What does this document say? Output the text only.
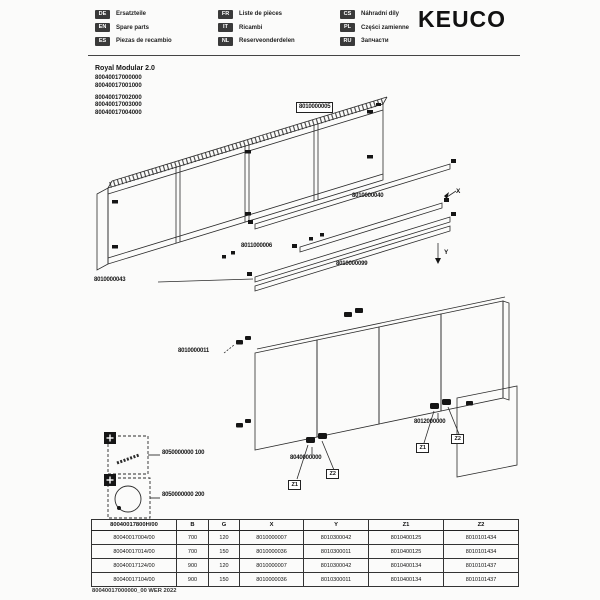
DE	Ersatzteile
EN	Spare parts
ES	Piezas de recambio
FR	Liste de pièces
IT	Ricambi
NL	Reserveonderdelen
CS	Náhradní díly
PL	Części zamienne
RU	Запчасти
KEUCO
Royal Modular 2.0
80040017000000
80040017001000
80040017002000
80040017003000
80040017004000
8010000005
8010000040
X
8011000006
8010000099
Y
8010000043
8010000011
8040000000
Z1
Z2
8012000000
Z1
Z2
8050000000 100
8050000000 200
80040017800H/00	B	G	X	Y	Z1	Z2
80040017004/00	700	120	8010000007	8010300042	8010400125	8010101434
80040017014/00	700	150	8010000036	8010300011	8010400125	8010101434
80040017124/00	900	120	8010000007	8010300042	8010400134	8010101437
80040017104/00	900	150	8010000036	8010300011	8010400134	8010101437
80040017000000_00 WER 2022
